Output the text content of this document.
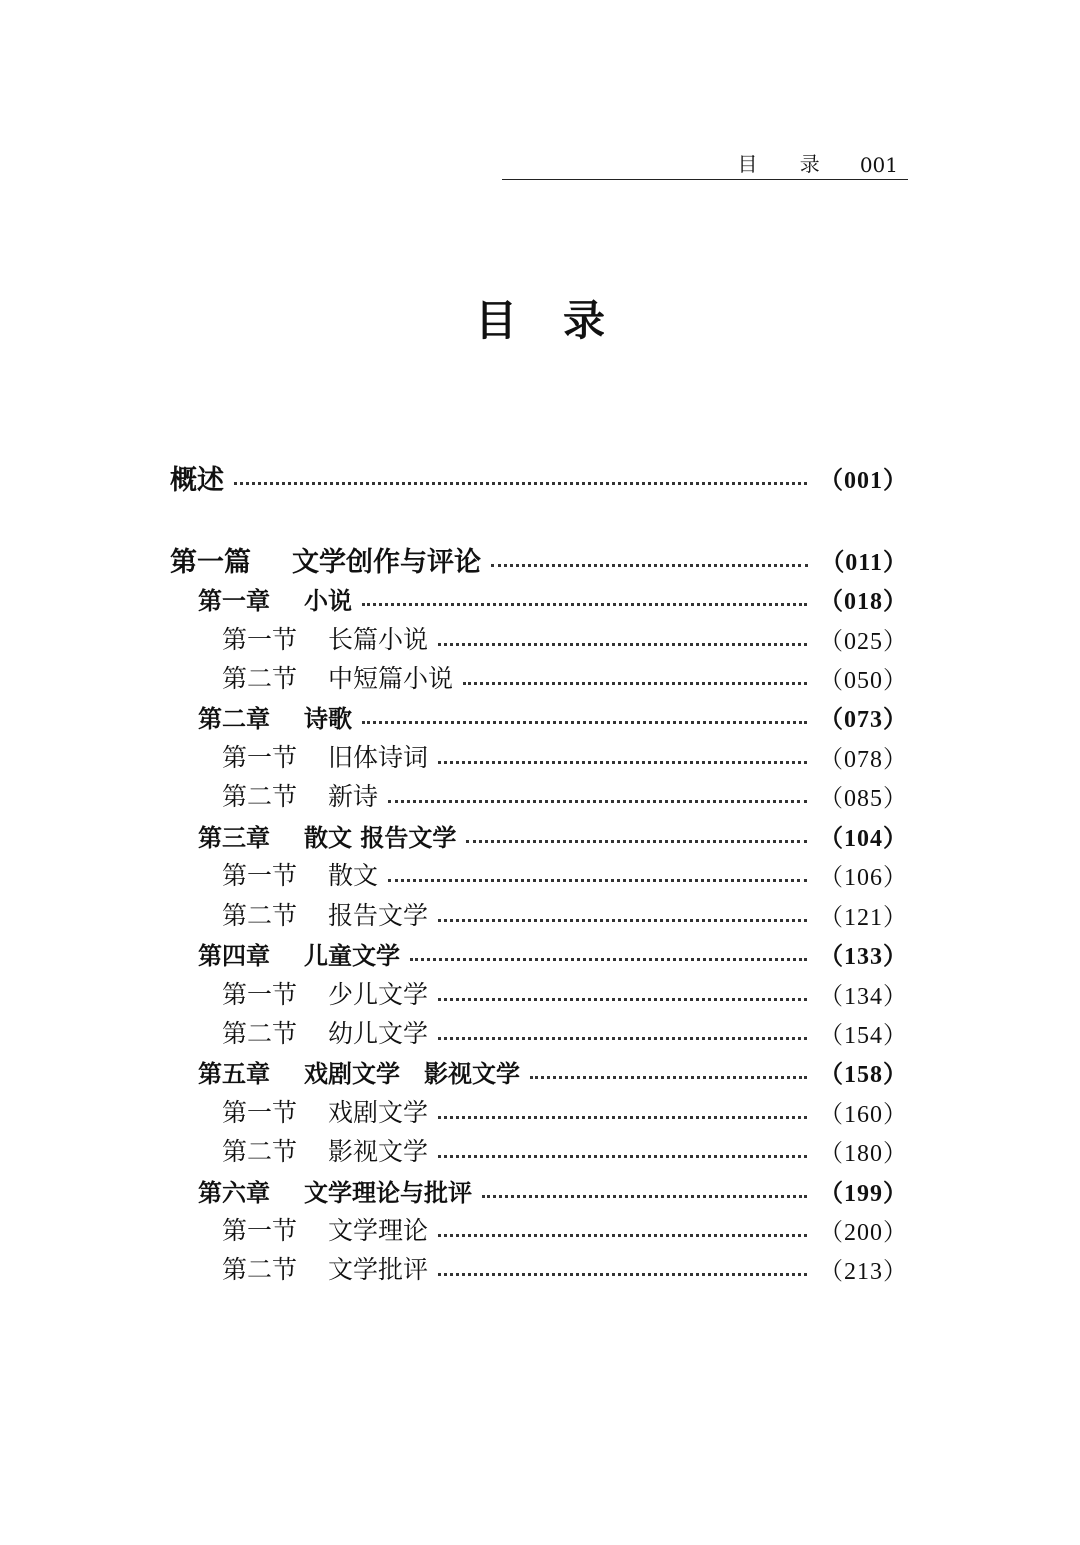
目 录 001
目录
概述	（001）
第一篇 文学创作与评论	（011）
第一章 小说	（018）
第一节 长篇小说	（025）
第二节 中短篇小说	（050）
第二章 诗歌	（073）
第一节 旧体诗词	（078）
第二节 新诗	（085）
第三章 散文 报告文学	（104）
第一节 散文	（106）
第二节 报告文学	（121）
第四章 儿童文学	（133）
第一节 少儿文学	（134）
第二节 幼儿文学	（154）
第五章 戏剧文学　影视文学	（158）
第一节 戏剧文学	（160）
第二节 影视文学	（180）
第六章 文学理论与批评	（199）
第一节 文学理论	（200）
第二节 文学批评	（213）
